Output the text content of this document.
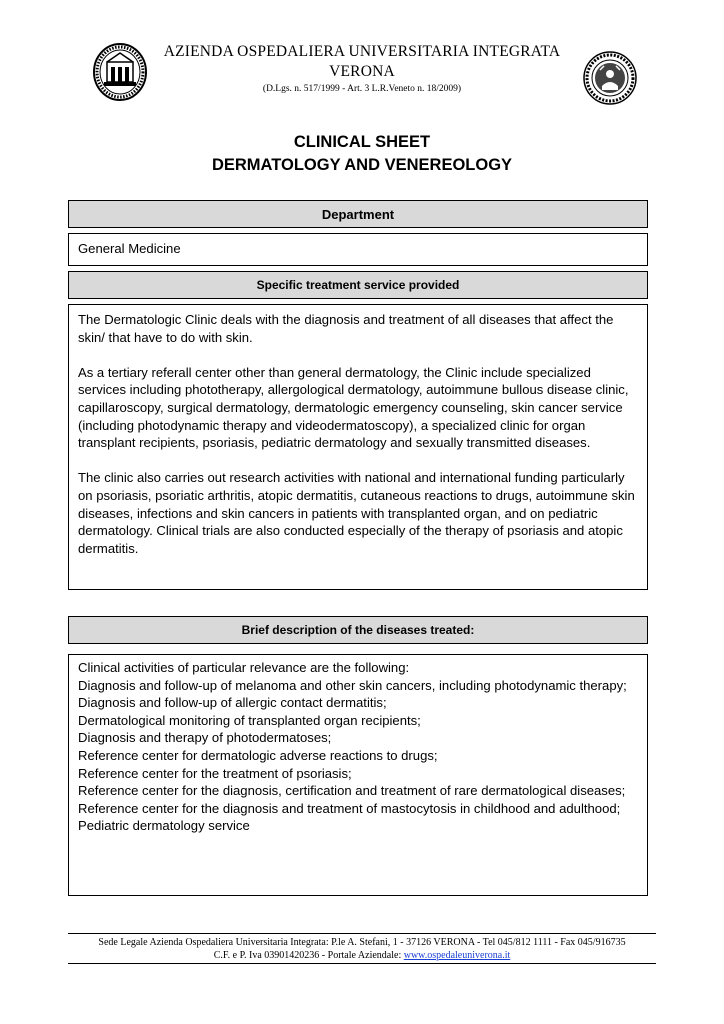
AZIENDA OSPEDALIERA UNIVERSITARIA INTEGRATA
VERONA
(D.Lgs. n. 517/1999 - Art. 3 L.R.Veneto n. 18/2009)
CLINICAL SHEET
DERMATOLOGY AND VENEREOLOGY
Department
General Medicine
Specific treatment service provided

The Dermatologic Clinic deals with the diagnosis and treatment of all diseases that affect the skin/ that have to do with skin.

As a tertiary referall center other than general dermatology, the Clinic include specialized services including phototherapy, allergological dermatology, autoimmune bullous disease clinic, capillaroscopy, surgical dermatology, dermatologic emergency counseling, skin cancer service (including photodynamic therapy and videodermatoscopy), a specialized clinic for organ transplant recipients, psoriasis, pediatric dermatology and sexually transmitted diseases.

The clinic also carries out research activities with national and international funding particularly on psoriasis, psoriatic arthritis, atopic dermatitis, cutaneous reactions to drugs, autoimmune skin diseases, infections and skin cancers in patients with transplanted organ, and on pediatric dermatology. Clinical trials are also conducted especially of the therapy of psoriasis and atopic dermatitis.

Brief description of the diseases treated:
Clinical activities of particular relevance are the following:
Diagnosis and follow-up of melanoma and other skin cancers, including photodynamic therapy;
Diagnosis and follow-up of allergic contact dermatitis;
Dermatological monitoring of transplanted organ recipients;
Diagnosis and therapy of photodermatoses;
Reference center for dermatologic adverse reactions to drugs;
Reference center for the treatment of psoriasis;
Reference center for the diagnosis, certification and treatment of rare dermatological diseases;
Reference center for the diagnosis and treatment of mastocytosis in childhood and adulthood;
Pediatric dermatology service
Sede Legale Azienda Ospedaliera Universitaria Integrata: P.le A. Stefani, 1 - 37126 VERONA - Tel 045/812 1111 - Fax 045/916735
C.F. e P. Iva 03901420236 - Portale Aziendale: www.ospedaleuniverona.it
